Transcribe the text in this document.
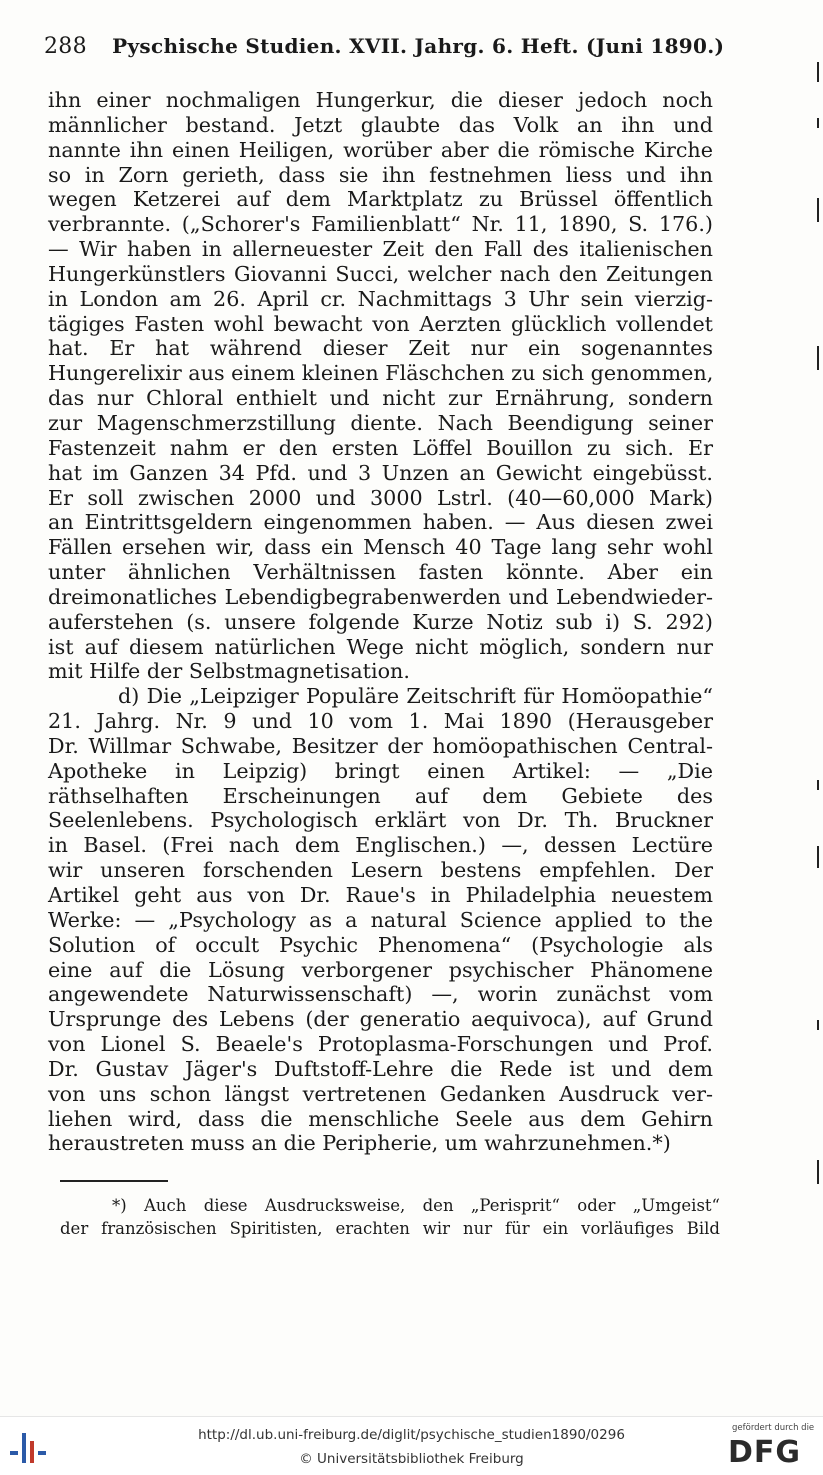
288 Pyschische Studien. XVII. Jahrg. 6. Heft. (Juni 1890.)
ihn einer nochmaligen Hungerkur, die dieser jedoch noch
männlicher bestand. Jetzt glaubte das Volk an ihn und
nannte ihn einen Heiligen, worüber aber die römische Kirche
so in Zorn gerieth, dass sie ihn festnehmen liess und ihn
wegen Ketzerei auf dem Marktplatz zu Brüssel öffentlich
verbrannte. („Schorer's Familienblatt“ Nr. 11, 1890, S. 176.)
— Wir haben in allerneuester Zeit den Fall des italienischen
Hungerkünstlers Giovanni Succi, welcher nach den Zeitungen
in London am 26. April cr. Nachmittags 3 Uhr sein vierzig-
tägiges Fasten wohl bewacht von Aerzten glücklich vollendet
hat. Er hat während dieser Zeit nur ein sogenanntes
Hungerelixir aus einem kleinen Fläschchen zu sich genommen,
das nur Chloral enthielt und nicht zur Ernährung, sondern
zur Magenschmerzstillung diente. Nach Beendigung seiner
Fastenzeit nahm er den ersten Löffel Bouillon zu sich. Er
hat im Ganzen 34 Pfd. und 3 Unzen an Gewicht eingebüsst.
Er soll zwischen 2000 und 3000 Lstrl. (40—60,000 Mark)
an Eintrittsgeldern eingenommen haben. — Aus diesen zwei
Fällen ersehen wir, dass ein Mensch 40 Tage lang sehr wohl
unter ähnlichen Verhältnissen fasten könnte. Aber ein
dreimonatliches Lebendigbegrabenwerden und Lebendwieder-
auferstehen (s. unsere folgende Kurze Notiz sub i) S. 292)
ist auf diesem natürlichen Wege nicht möglich, sondern nur
mit Hilfe der Selbstmagnetisation.
d) Die „Leipziger Populäre Zeitschrift für Homöopathie“
21. Jahrg. Nr. 9 und 10 vom 1. Mai 1890 (Herausgeber
Dr. Willmar Schwabe, Besitzer der homöopathischen Central-
Apotheke in Leipzig) bringt einen Artikel: — „Die
räthselhaften Erscheinungen auf dem Gebiete des
Seelenlebens. Psychologisch erklärt von Dr. Th. Bruckner
in Basel. (Frei nach dem Englischen.) —, dessen Lectüre
wir unseren forschenden Lesern bestens empfehlen. Der
Artikel geht aus von Dr. Raue's in Philadelphia neuestem
Werke: — „Psychology as a natural Science applied to the
Solution of occult Psychic Phenomena“ (Psychologie als
eine auf die Lösung verborgener psychischer Phänomene
angewendete Naturwissenschaft) —, worin zunächst vom
Ursprunge des Lebens (der generatio aequivoca), auf Grund
von Lionel S. Beaele's Protoplasma-Forschungen und Prof.
Dr. Gustav Jäger's Duftstoff-Lehre die Rede ist und dem
von uns schon längst vertretenen Gedanken Ausdruck ver-
liehen wird, dass die menschliche Seele aus dem Gehirn
heraustreten muss an die Peripherie, um wahrzunehmen.*)
*) Auch diese Ausdrucksweise, den „Perisprit“ oder „Umgeist“
der französischen Spiritisten, erachten wir nur für ein vorläufiges Bild
http://dl.ub.uni-freiburg.de/diglit/psychische_studien1890/0296
© Universitätsbibliothek Freiburg
gefördert durch die
DFG
